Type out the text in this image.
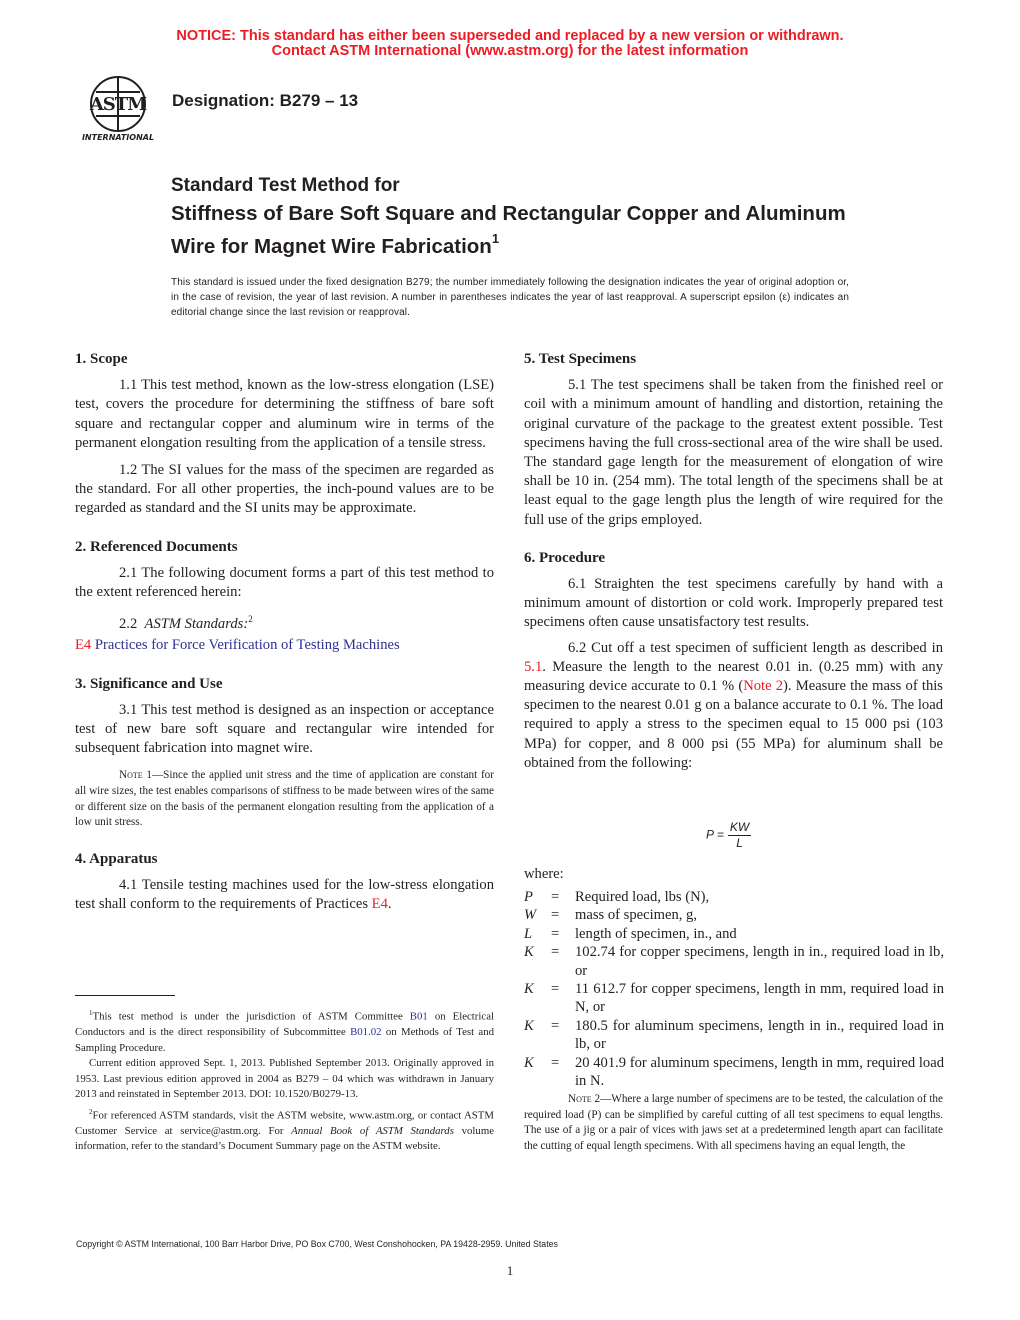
NOTICE: This standard has either been superseded and replaced by a new version or withdrawn.
Contact ASTM International (www.astm.org) for the latest information
ASTM
INTERNATIONAL
Designation: B279 – 13
Standard Test Method for
Stiffness of Bare Soft Square and Rectangular Copper and Aluminum Wire for Magnet Wire Fabrication$^1$
This standard is issued under the fixed designation B279; the number immediately following the designation indicates the year of original adoption or, in the case of revision, the year of last revision. A number in parentheses indicates the year of last reapproval. A superscript epsilon (ε) indicates an editorial change since the last revision or reapproval.
1. Scope

1.1 This test method, known as the low-stress elongation (LSE) test, covers the procedure for determining the stiffness of bare soft square and rectangular copper and aluminum wire in terms of the permanent elongation resulting from the application of a tensile stress.

1.2 The SI values for the mass of the specimen are regarded as the standard. For all other properties, the inch-pound values are to be regarded as standard and the SI units may be approximate.

2. Referenced Documents

2.1 The following document forms a part of this test method to the extent referenced herein:

2.2 ASTM Standards:$^2$

E4 Practices for Force Verification of Testing Machines
3. Significance and Use

3.1 This test method is designed as an inspection or acceptance test of new bare soft square and rectangular wire intended for subsequent fabrication into magnet wire.

Note 1—Since the applied unit stress and the time of application are constant for all wire sizes, the test enables comparisons of stiffness to be made between wires of the same or different size on the basis of the permanent elongation resulting from the application of a low unit stress.

4. Apparatus

4.1 Tensile testing machines used for the low-stress elongation test shall conform to the requirements of Practices E4.

$^1$This test method is under the jurisdiction of ASTM Committee B01 on Electrical Conductors and is the direct responsibility of Subcommittee B01.02 on Methods of Test and Sampling Procedure.

Current edition approved Sept. 1, 2013. Published September 2013. Originally approved in 1953. Last previous edition approved in 2004 as B279 – 04 which was withdrawn in January 2013 and reinstated in September 2013. DOI: 10.1520/B0279-13.

$^2$For referenced ASTM standards, visit the ASTM website, www.astm.org, or contact ASTM Customer Service at service@astm.org. For Annual Book of ASTM Standards volume information, refer to the standard’s Document Summary page on the ASTM website.

5. Test Specimens

5.1 The test specimens shall be taken from the finished reel or coil with a minimum amount of handling and distortion, retaining the original curvature of the package to the greatest extent possible. Test specimens having the full cross-sectional area of the wire shall be used. The standard gage length for the measurement of elongation of wire shall be 10 in. (254 mm). The total length of the specimens shall be at least equal to the gage length plus the length of wire required for the full use of the grips employed.

6. Procedure

6.1 Straighten the test specimens carefully by hand with a minimum amount of distortion or cold work. Improperly prepared test specimens often cause unsatisfactory test results.

6.2 Cut off a test specimen of sufficient length as described in 5.1. Measure the length to the nearest 0.01 in. (0.25 mm) with any measuring device accurate to 0.1 % (Note 2). Measure the mass of this specimen to the nearest 0.01 g on a balance accurate to 0.1 %. The load required to apply a stress to the specimen equal to 15 000 psi (103 MPa) for copper, and 8 000 psi (55 MPa) for aluminum shall be obtained from the following:

$P = \frac{KW}{L}$
where:
P	=	Required load, lbs (N),
W	=	mass of specimen, g,
L	=	length of specimen, in., and
K	=	102.74 for copper specimens, length in in., required load in lb, or
K	=	11 612.7 for copper specimens, length in mm, required load in N, or
K	=	180.5 for aluminum specimens, length in in., required load in lb, or
K	=	20 401.9 for aluminum specimens, length in mm, required load in N.

Note 2—Where a large number of specimens are to be tested, the calculation of the required load (P) can be simplified by careful cutting of all test specimens to equal lengths. The use of a jig or a pair of vices with jaws set at a predetermined length apart can facilitate the cutting of equal length specimens. With all specimens having an equal length, the

Copyright © ASTM International, 100 Barr Harbor Drive, PO Box C700, West Conshohocken, PA 19428-2959. United States
1
